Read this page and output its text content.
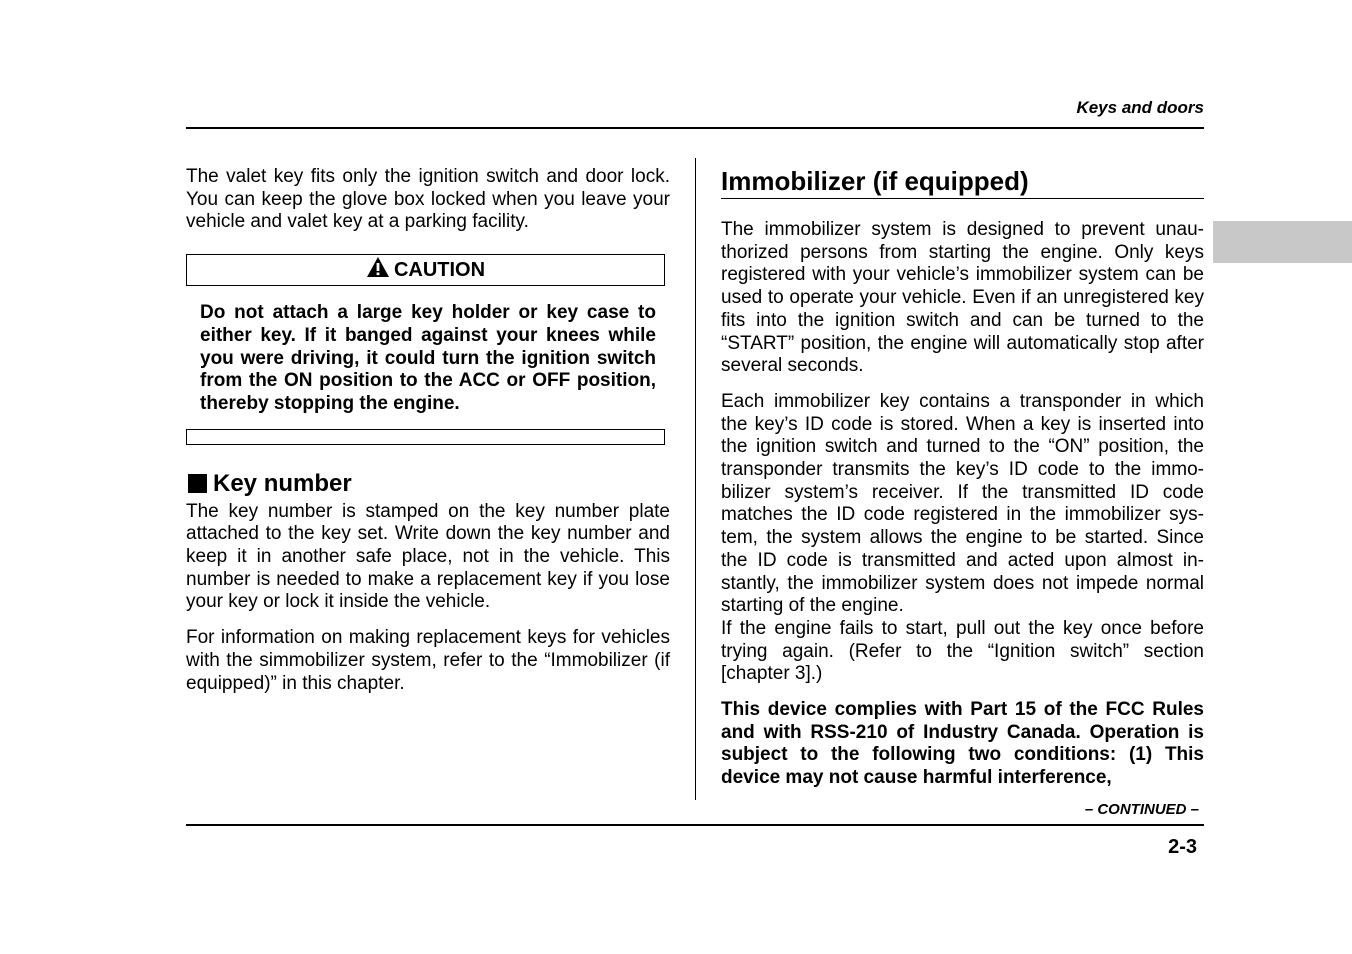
Keys and doors

The valet key fits only the ignition switch and door lock. You can keep the glove box locked when you leave your vehicle and valet key at a parking facility.

CAUTION

Do not attach a large key holder or key case to either key. If it banged against your knees while you were driving, it could turn the ignition switch from the ON position to the ACC or OFF position, thereby stopping the engine.

Key number

The key number is stamped on the key number plate attached to the key set. Write down the key number and keep it in another safe place, not in the vehicle. This number is needed to make a replacement key if you lose your key or lock it inside the vehicle.

For information on making replacement keys for vehicles with the simmobilizer system, refer to the “Immobilizer (if equipped)” in this chapter.

Immobilizer (if equipped)

The immobilizer system is designed to prevent unauthorized persons from starting the engine. Only keys registered with your vehicle’s immobilizer system can be used to operate your vehicle. Even if an unregistered key fits into the ignition switch and can be turned to the “START” position, the engine will automatically stop after several seconds.

Each immobilizer key contains a transponder in which the key’s ID code is stored. When a key is inserted into the ignition switch and turned to the “ON” position, the transponder transmits the key’s ID code to the immobilizer system’s receiver. If the transmitted ID code matches the ID code registered in the immobilizer system, the system allows the engine to be started. Since the ID code is transmitted and acted upon almost instantly, the immobilizer system does not impede normal starting of the engine.

If the engine fails to start, pull out the key once before trying again. (Refer to the “Ignition switch” section [chapter 3].)

This device complies with Part 15 of the FCC Rules and with RSS-210 of Industry Canada. Operation is subject to the following two conditions: (1) This device may not cause harmful interference,

– CONTINUED –
2-3
